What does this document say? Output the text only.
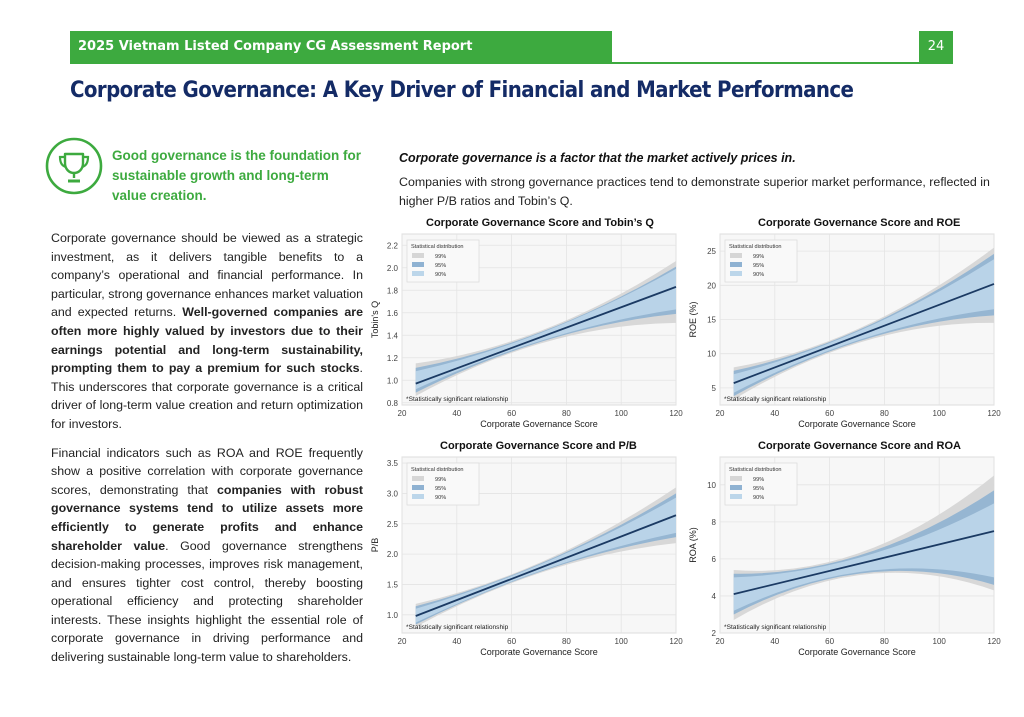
2025 Vietnam Listed Company CG Assessment Report	24
Corporate Governance: A Key Driver of Financial and Market Performance
Good governance is the foundation for sustainable growth and long-term value creation.

Corporate governance should be viewed as a strategic investment, as it delivers tangible benefits to a company’s operational and financial performance. In particular, strong governance enhances market valuation and expected returns. Well-governed companies are often more highly valued by investors due to their earnings potential and long-term sustainability, prompting them to pay a premium for such stocks. This underscores that corporate governance is a critical driver of long-term value creation and return optimization for investors.

Financial indicators such as ROA and ROE frequently show a positive correlation with corporate governance scores, demonstrating that companies with robust governance systems tend to utilize assets more efficiently to generate profits and enhance shareholder value. Good governance strengthens decision-making processes, improves risk management, and ensures tighter cost control, thereby boosting operational efficiency and protecting shareholder interests. These insights highlight the essential role of corporate governance in driving performance and delivering sustainable long-term value to shareholders.

Corporate governance is a factor that the market actively prices in.
Companies with strong governance practices tend to demonstrate superior market performance, reflected in higher P/B ratios and Tobin’s Q.
Corporate Governance Score and Tobin’s Q
0.8
1.0
1.2
1.4
1.6
1.8
2.0
2.2
20	40	60	80	100	120
Statistical distribution
99%
95%
90%
*Statistically significant relationship
Corporate Governance Score
Tobin's Q
Corporate Governance Score and ROE
5
10
15
20
25
20	40	60	80	100	120
Statistical distribution
99%
95%
90%
*Statistically significant relationship
Corporate Governance Score
ROE (%)
Corporate Governance Score and P/B
1.0
1.5
2.0
2.5
3.0
3.5
20	40	60	80	100	120
Statistical distribution
99%
95%
90%
*Statistically significant relationship
Corporate Governance Score
P/B
Corporate Governance Score and ROA
2
4
6
8
10
20	40	60	80	100	120
Statistical distribution
99%
95%
90%
*Statistically significant relationship
Corporate Governance Score
ROA (%)
